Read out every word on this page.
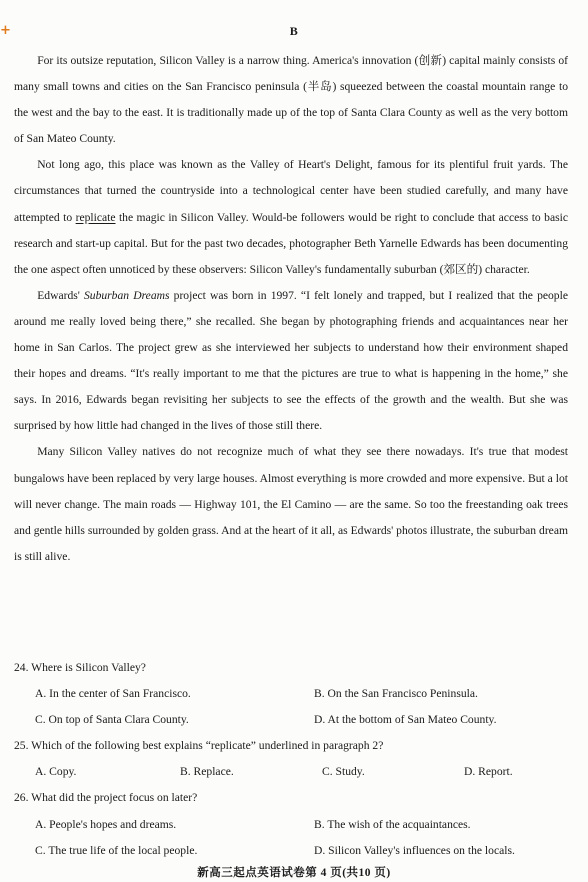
+	B

For its outsize reputation, Silicon Valley is a narrow thing. America's innovation (创新) capital mainly consists of many small towns and cities on the San Francisco peninsula (半岛) squeezed between the coastal mountain range to the west and the bay to the east. It is traditionally made up of the top of Santa Clara County as well as the very bottom of San Mateo County.

Not long ago, this place was known as the Valley of Heart's Delight, famous for its plentiful fruit yards. The circumstances that turned the countryside into a technological center have been studied carefully, and many have attempted to replicate the magic in Silicon Valley. Would-be followers would be right to conclude that access to basic research and start-up capital. But for the past two decades, photographer Beth Yarnelle Edwards has been documenting the one aspect often unnoticed by these observers: Silicon Valley's fundamentally suburban (郊区的) character.

Edwards' Suburban Dreams project was born in 1997. “I felt lonely and trapped, but I realized that the people around me really loved being there,” she recalled. She began by photographing friends and acquaintances near her home in San Carlos. The project grew as she interviewed her subjects to understand how their environment shaped their hopes and dreams. “It's really important to me that the pictures are true to what is happening in the home,” she says. In 2016, Edwards began revisiting her subjects to see the effects of the growth and the wealth. But she was surprised by how little had changed in the lives of those still there.

Many Silicon Valley natives do not recognize much of what they see there nowadays. It's true that modest bungalows have been replaced by very large houses. Almost everything is more crowded and more expensive. But a lot will never change. The main roads — Highway 101, the El Camino — are the same. So too the freestanding oak trees and gentle hills surrounded by golden grass. And at the heart of it all, as Edwards' photos illustrate, the suburban dream is still alive.

24. Where is Silicon Valley?

A. In the center of San Francisco.	B. On the San Francisco Peninsula.
C. On top of Santa Clara County.	D. At the bottom of San Mateo County.

25. Which of the following best explains “replicate” underlined in paragraph 2?

A. Copy.	B. Replace.	C. Study.	D. Report.

26. What did the project focus on later?

A. People's hopes and dreams.	B. The wish of the acquaintances.
C. The true life of the local people.	D. Silicon Valley's influences on the locals.
新高三起点英语试卷第 4 页(共10 页)
